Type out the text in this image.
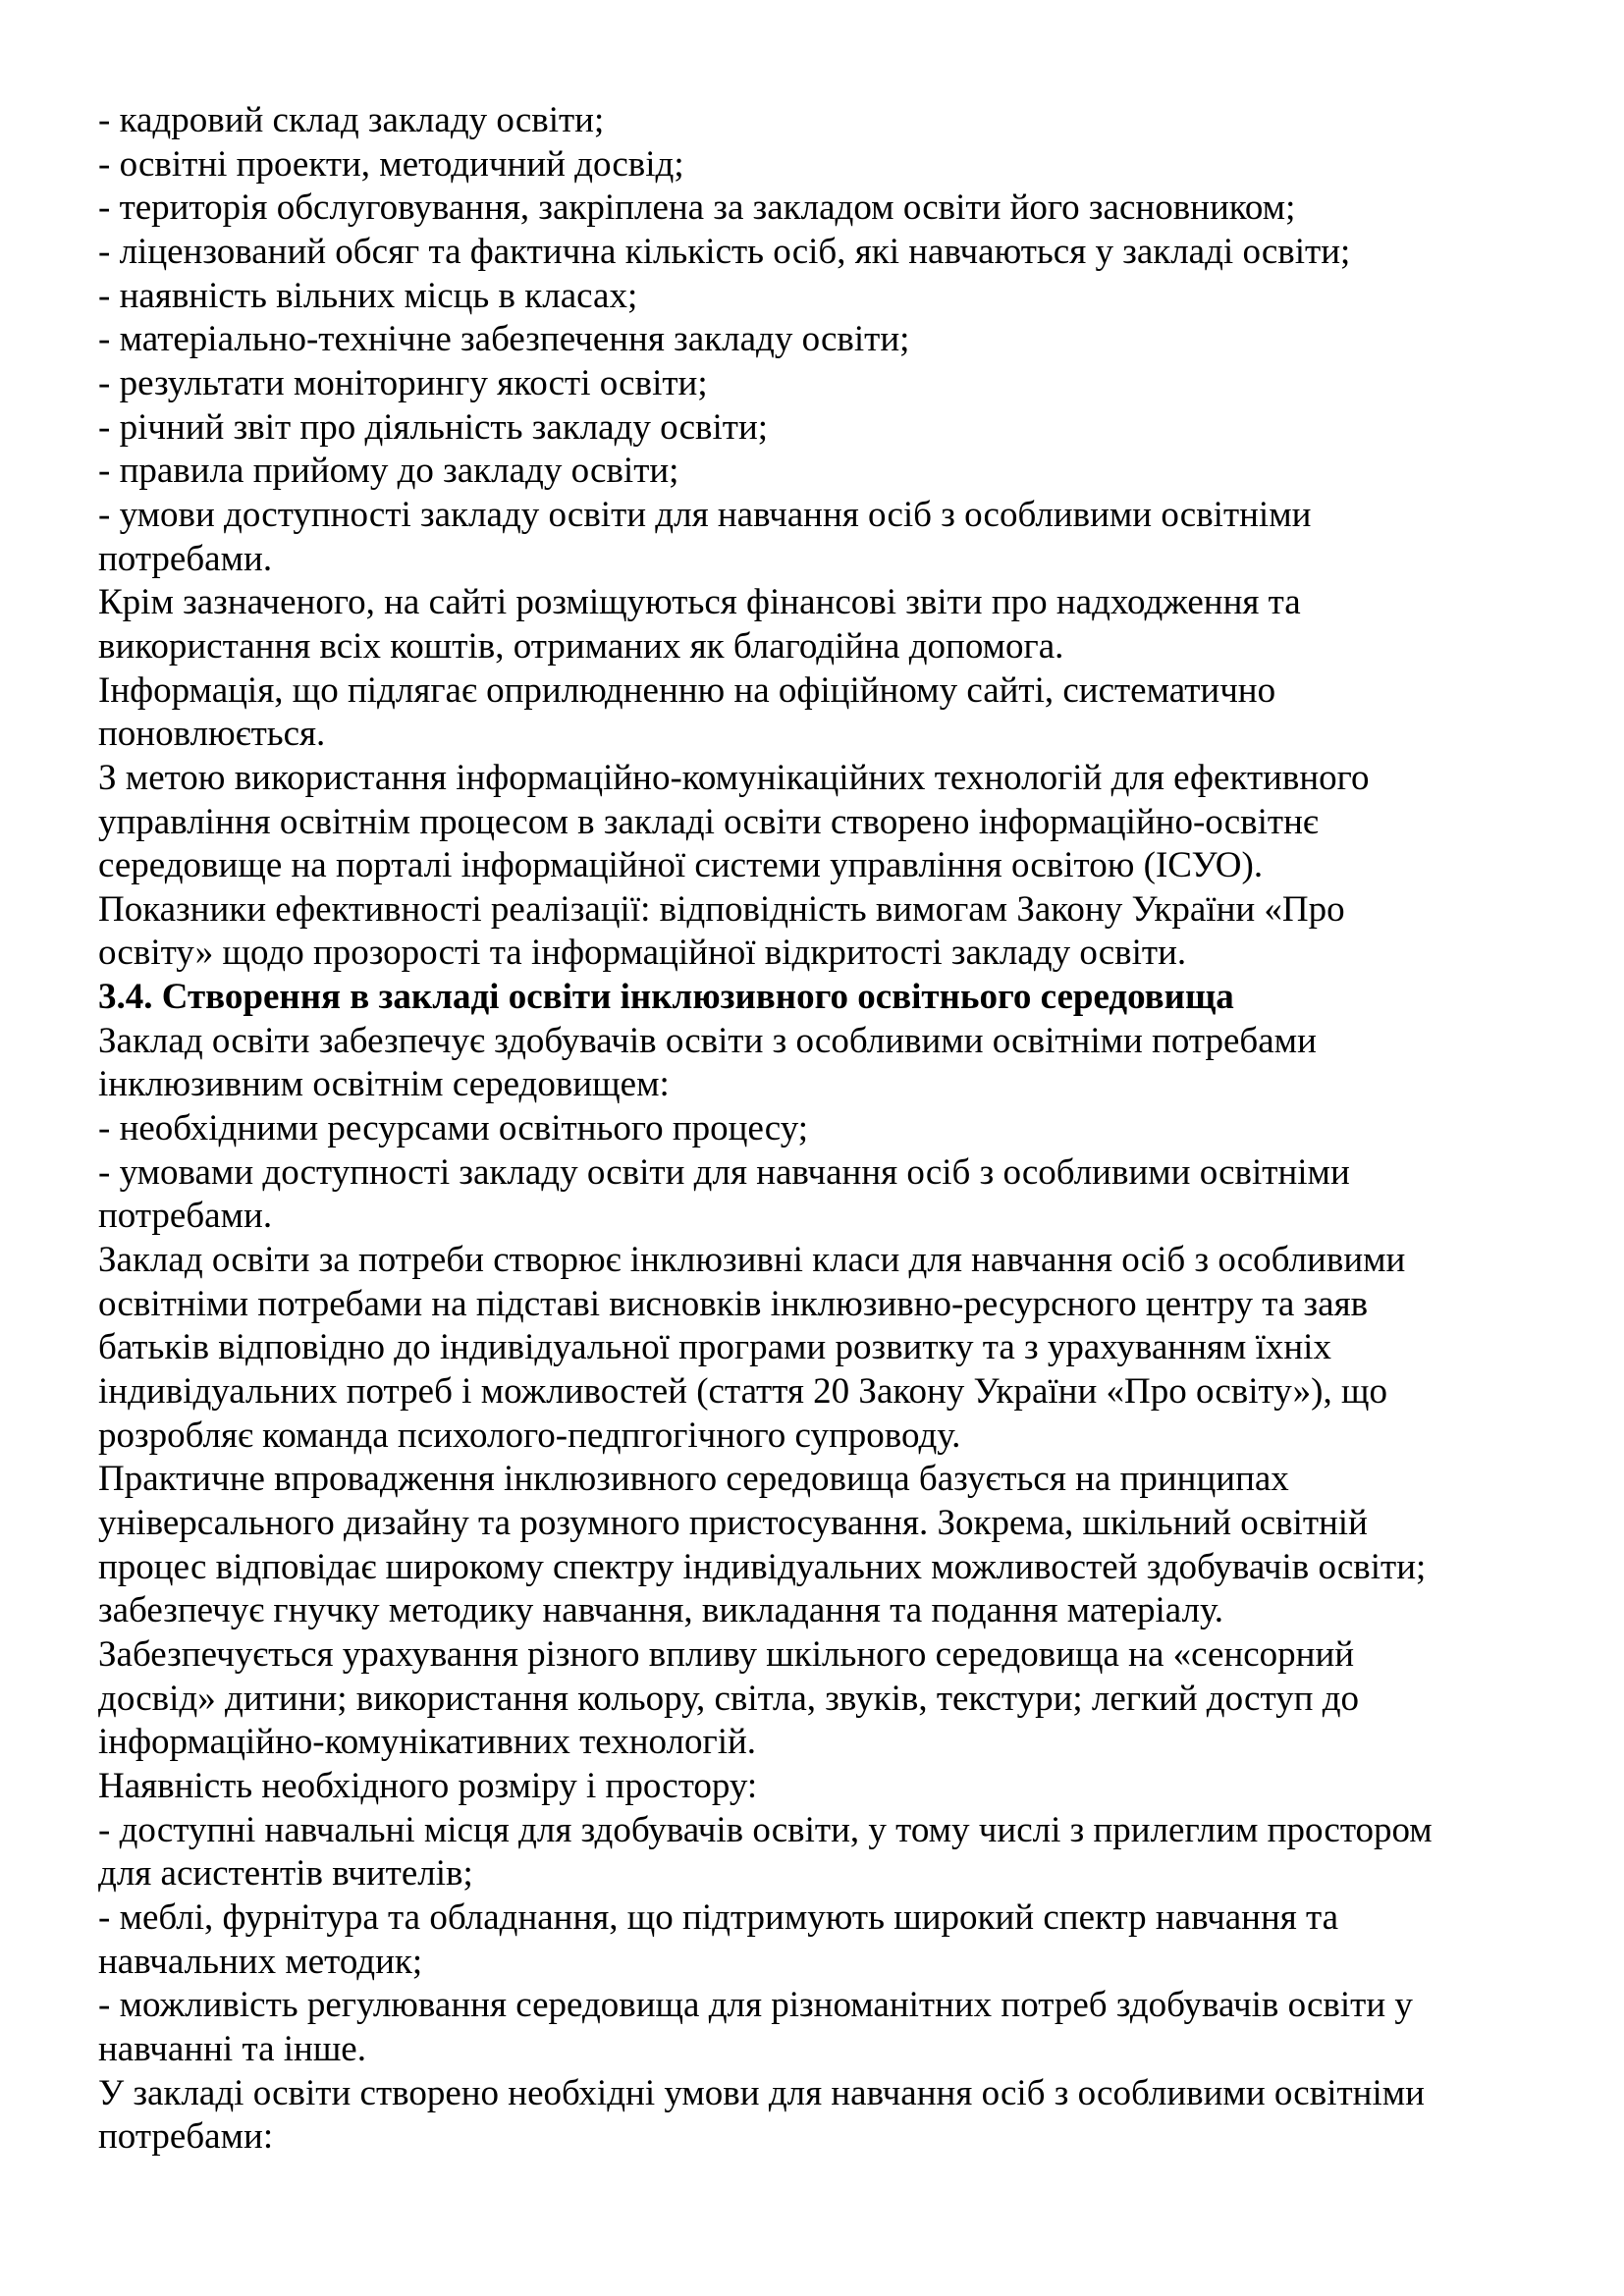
- кадровий склад закладу освіти;
- освітні проекти, методичний досвід;
- територія обслуговування, закріплена за закладом освіти його засновником;
- ліцензований обсяг та фактична кількість осіб, які навчаються у закладі освіти;
- наявність вільних місць в класах;
- матеріально-технічне забезпечення закладу освіти;
- результати моніторингу якості освіти;
- річний звіт про діяльність закладу освіти;
- правила прийому до закладу освіти;
- умови доступності закладу освіти для навчання осіб з особливими освітніми
потребами.
Крім зазначеного, на сайті розміщуються фінансові звіти про надходження та
використання всіх коштів, отриманих як благодійна допомога.
Інформація, що підлягає оприлюдненню на офіційному сайті, систематично
поновлюється.
З метою використання інформаційно-комунікаційних технологій для ефективного
управління освітнім процесом в закладі освіти створено інформаційно-освітнє
середовище на порталі інформаційної системи управління освітою (ІСУО).
Показники ефективності реалізації: відповідність вимогам Закону України «Про
освіту» щодо прозорості та інформаційної відкритості закладу освіти.
3.4. Створення в закладі освіти інклюзивного освітнього середовища
Заклад освіти забезпечує здобувачів освіти з особливими освітніми потребами
інклюзивним освітнім середовищем:
- необхідними ресурсами освітнього процесу;
- умовами доступності закладу освіти для навчання осіб з особливими освітніми
потребами.
Заклад освіти за потреби створює інклюзивні класи для навчання осіб з особливими
освітніми потребами на підставі висновків інклюзивно-ресурсного центру та заяв
батьків відповідно до індивідуальної програми розвитку та з урахуванням їхніх
індивідуальних потреб і можливостей (стаття 20 Закону України «Про освіту»), що
розробляє команда психолого-педпгогічного супроводу.
Практичне впровадження інклюзивного середовища базується на принципах
універсального дизайну та розумного пристосування. Зокрема, шкільний освітній
процес відповідає широкому спектру індивідуальних можливостей здобувачів освіти;
забезпечує гнучку методику навчання, викладання та подання матеріалу.
Забезпечується урахування різного впливу шкільного середовища на «сенсорний
досвід» дитини; використання кольору, світла, звуків, текстури; легкий доступ до
інформаційно-комунікативних технологій.
Наявність необхідного розміру і простору:
- доступні навчальні місця для здобувачів освіти, у тому числі з прилеглим простором
для асистентів вчителів;
- меблі, фурнітура та обладнання, що підтримують широкий спектр навчання та
навчальних методик;
- можливість регулювання середовища для різноманітних потреб здобувачів освіти у
навчанні та інше.
У закладі освіти створено необхідні умови для навчання осіб з особливими освітніми
потребами:
